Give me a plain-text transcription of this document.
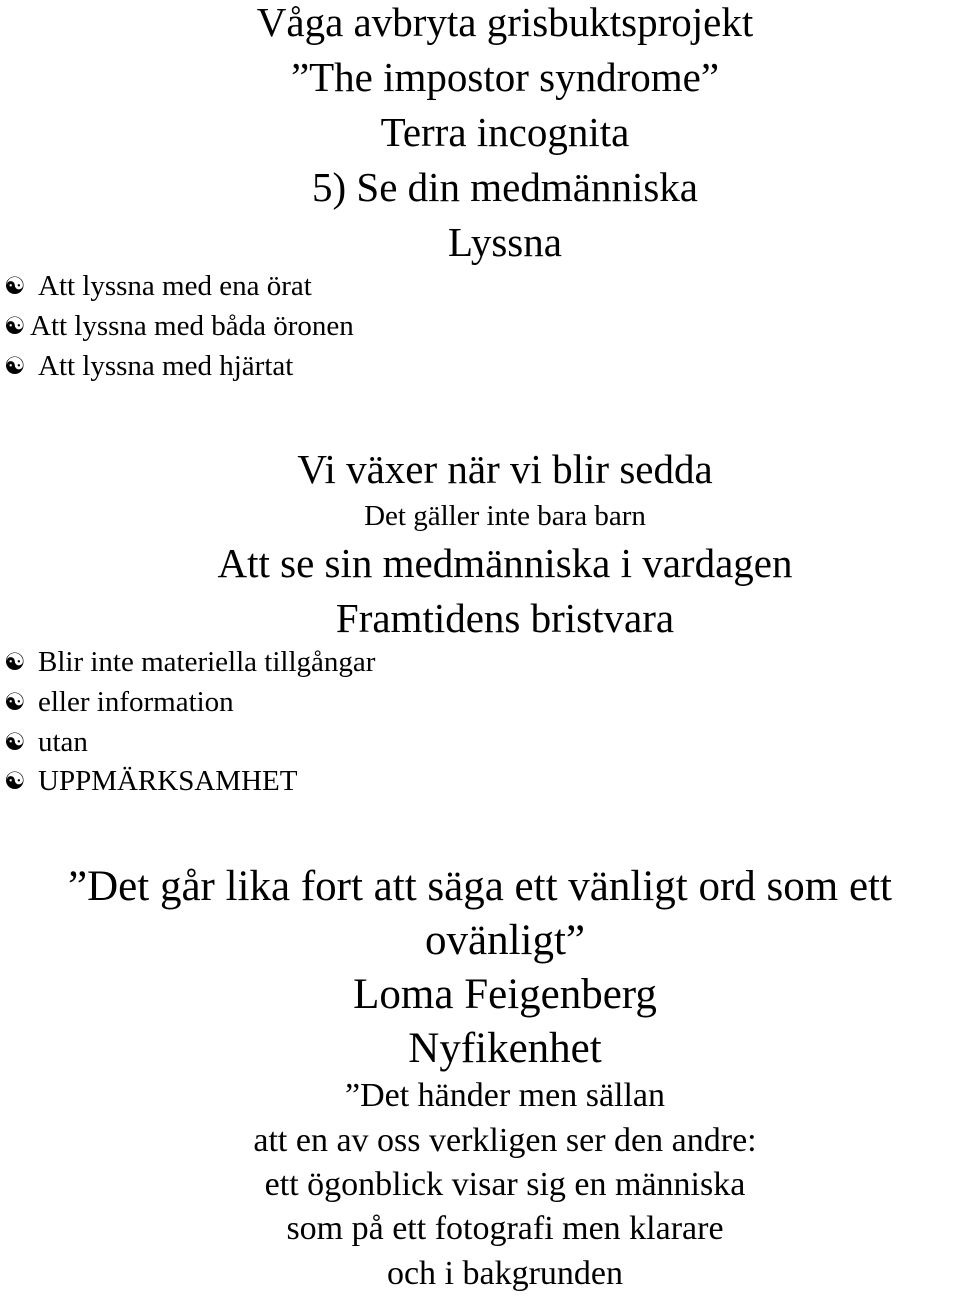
Våga avbryta grisbuktsprojekt
”The impostor syndrome”
Terra incognita
5) Se din medmänniska
Lyssna
☯ Att lyssna med ena örat
☯ Att lyssna med båda öronen
☯ Att lyssna med hjärtat
Vi växer när vi blir sedda
Det gäller inte bara barn
Att se sin medmänniska i vardagen
Framtidens bristvara
☯ Blir inte materiella tillgångar
☯ eller information
☯ utan
☯ UPPMÄRKSAMHET
”Det går lika fort att säga ett vänligt ord som ett
ovänligt”
Loma Feigenberg
Nyfikenhet
”Det händer men sällan
att en av oss verkligen ser den andre:
ett ögonblick visar sig en människa
som på ett fotografi men klarare
och i bakgrunden
